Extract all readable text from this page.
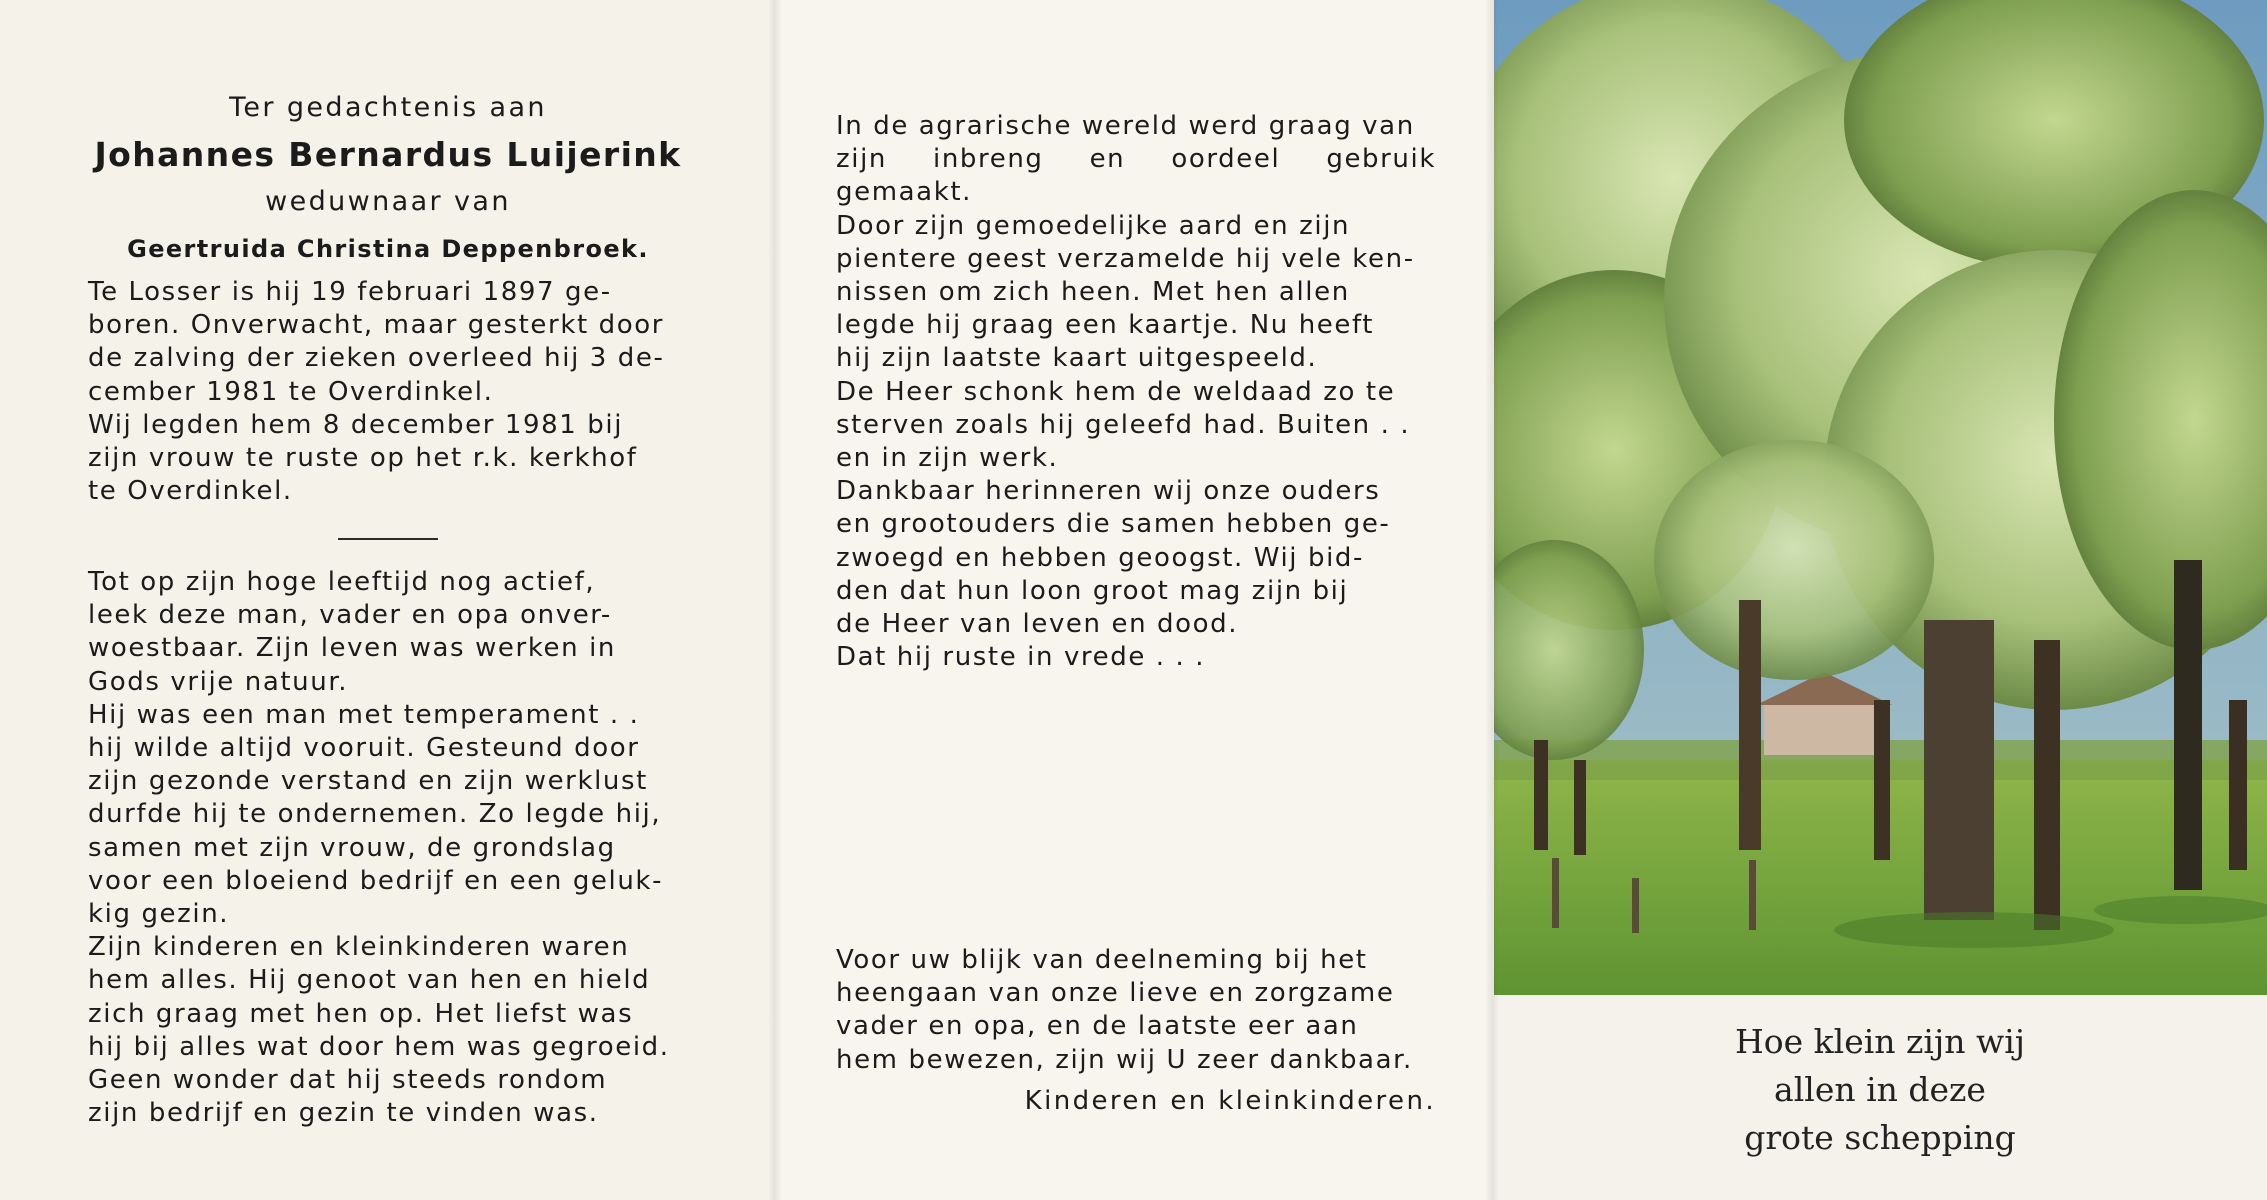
Ter gedachtenis aan
Johannes Bernardus Luijerink
weduwnaar van
Geertruida Christina Deppenbroek.

Te Losser is hij 19 februari 1897 ge-

boren. Onverwacht, maar gesterkt door

de zalving der zieken overleed hij 3 de-

cember 1981 te Overdinkel.

Wij legden hem 8 december 1981 bij

zijn vrouw te ruste op het r.k. kerkhof

te Overdinkel.

Tot op zijn hoge leeftijd nog actief,

leek deze man, vader en opa onver-

woestbaar. Zijn leven was werken in

Gods vrije natuur.

Hij was een man met temperament . .

hij wilde altijd vooruit. Gesteund door

zijn gezonde verstand en zijn werklust

durfde hij te ondernemen. Zo legde hij,

samen met zijn vrouw, de grondslag

voor een bloeiend bedrijf en een geluk-

kig gezin.

Zijn kinderen en kleinkinderen waren

hem alles. Hij genoot van hen en hield

zich graag met hen op. Het liefst was

hij bij alles wat door hem was gegroeid.

Geen wonder dat hij steeds rondom

zijn bedrijf en gezin te vinden was.

In de agrarische wereld werd graag van

zijn inbreng en oordeel gebruik gemaakt.

Door zijn gemoedelijke aard en zijn

pientere geest verzamelde hij vele ken-

nissen om zich heen. Met hen allen

legde hij graag een kaartje. Nu heeft

hij zijn laatste kaart uitgespeeld.

De Heer schonk hem de weldaad zo te

sterven zoals hij geleefd had. Buiten . .

en in zijn werk.

Dankbaar herinneren wij onze ouders

en grootouders die samen hebben ge-

zwoegd en hebben geoogst. Wij bid-

den dat hun loon groot mag zijn bij

de Heer van leven en dood.

Dat hij ruste in vrede . . .

Voor uw blijk van deelneming bij het

heengaan van onze lieve en zorgzame

vader en opa, en de laatste eer aan

hem bewezen, zijn wij U zeer dankbaar.

Kinderen en kleinkinderen.
Hoe klein zijn wij
allen in deze
grote schepping
